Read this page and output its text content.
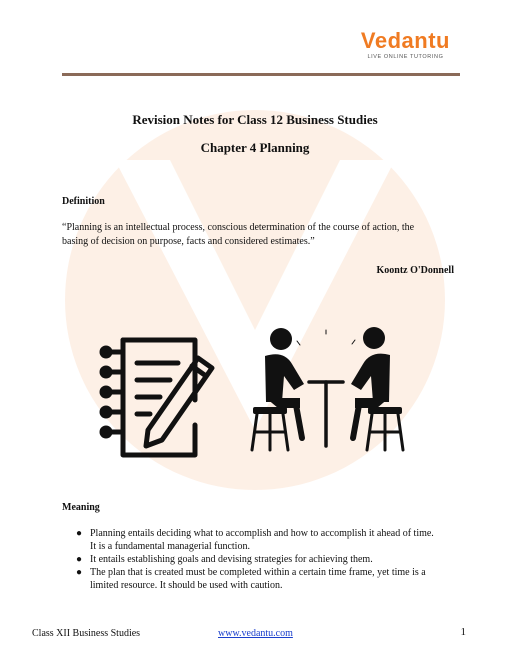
Vedantu
LIVE ONLINE TUTORING
Revision Notes for Class 12 Business Studies
Chapter 4 Planning
Definition
“Planning is an intellectual process, conscious determination of the course of action, the
basing of decision on purpose, facts and considered estimates.”
Koontz O'Donnell
Meaning
● Planning entails deciding what to accomplish and how to accomplish it ahead of time.
It is a fundamental managerial function.
● It entails establishing goals and devising strategies for achieving them.
● The plan that is created must be completed within a certain time frame, yet time is a
limited resource. It should be used with caution.
Class XII Business Studies	www.vedantu.com	1
